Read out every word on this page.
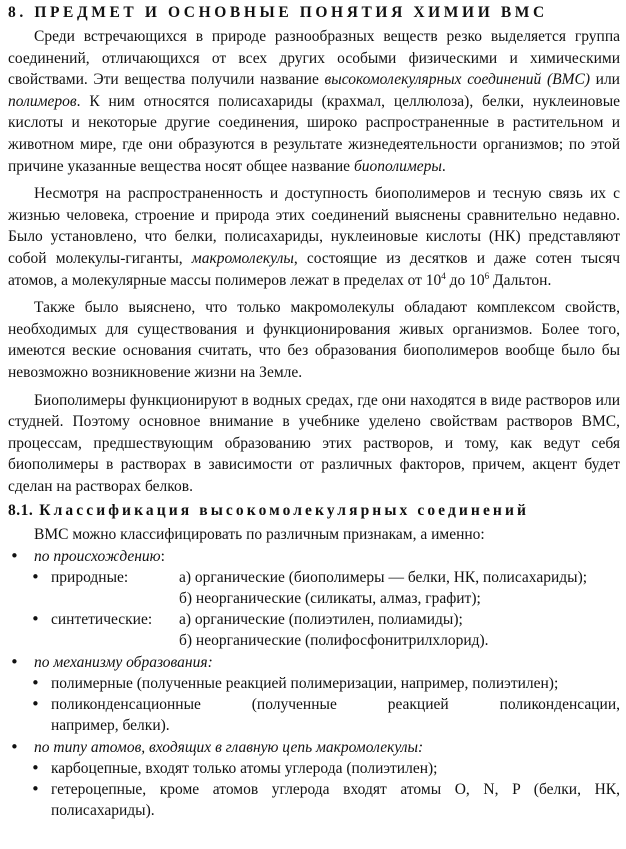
8. ПРЕДМЕТ И ОСНОВНЫЕ ПОНЯТИЯ ХИМИИ ВМС

Среди встречающихся в природе разнообразных веществ резко выделяется группа соединений, отличающихся от всех других особыми физическими и химическими свойствами. Эти вещества получили название высокомолекулярных соединений (ВМС) или полимеров. К ним относятся полисахариды (крахмал, целлюлоза), белки, нуклеиновые кислоты и некоторые другие соединения, широко распространенные в растительном и животном мире, где они образуются в результате жизнедеятельности организмов; по этой причине указанные вещества носят общее название биополимеры.

Несмотря на распространенность и доступность биополимеров и тесную связь их с жизнью человека, строение и природа этих соединений выяснены сравнительно недавно. Было установлено, что белки, полисахариды, нуклеиновые кислоты (НК) представляют собой молекулы-гиганты, макромолекулы, состоящие из десятков и даже сотен тысяч атомов, а молекулярные массы полимеров лежат в пределах от $10^4$ до $10^6$ Дальтон.

Также было выяснено, что только макромолекулы обладают комплексом свойств, необходимых для существования и функционирования живых организмов. Более того, имеются веские основания считать, что без образования биополимеров вообще было бы невозможно возникновение жизни на Земле.

Биополимеры функционируют в водных средах, где они находятся в виде растворов или студней. Поэтому основное внимание в учебнике уделено свойствам растворов ВМС, процессам, предшествующим образованию этих растворов, и тому, как ведут себя биополимеры в растворах в зависимости от различных факторов, причем, акцент будет сделан на растворах белков.

8.1. Классификация высокомолекулярных соединений
ВМС можно классифицировать по различным признакам, а именно:
• по происхождению:
• природные:	а) органические (биополимеры — белки, НК, полисахариды);
б) неорганические (силикаты, алмаз, графит);
• синтетические:	а) органические (полиэтилен, полиамиды);
б) неорганические (полифосфонитрилхлорид).
• по механизму образования:
• полимерные (полученные реакцией полимеризации, например, полиэтилен);
• поликонденсационные (полученные реакцией поликонденсации,
например, белки).
• по типу атомов, входящих в главную цепь макромолекулы:
• карбоцепные, входят только атомы углерода (полиэтилен);
• гетероцепные, кроме атомов углерода входят атомы O, N, P (белки, НК, полисахариды).
